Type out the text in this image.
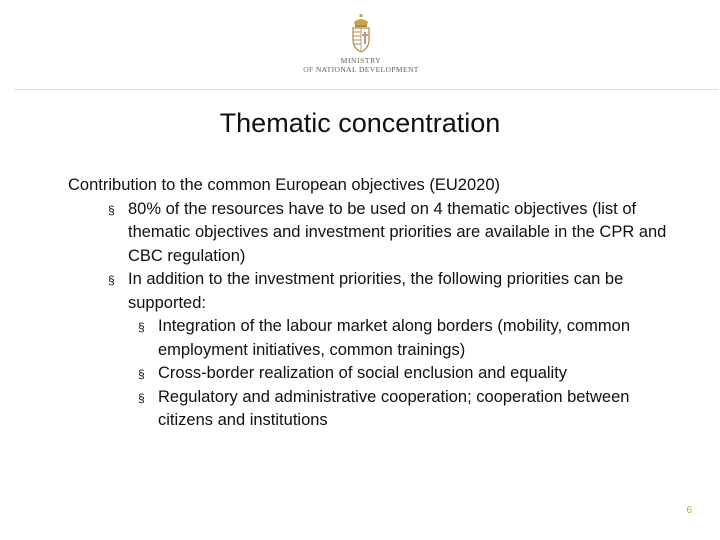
MINISTRY
OF NATIONAL DEVELOPMENT
Thematic concentration

Contribution to the common European objectives (EU2020)

§ 80% of the resources have to be used on 4 thematic objectives (list of thematic objectives and investment priorities are available in the CPR and CBC regulation)
§ In addition to the investment priorities, the following priorities can be supported:
§ Integration of the labour market along borders (mobility, common employment initiatives, common trainings)
§ Cross-border realization of social enclusion and equality
§ Regulatory and administrative cooperation; cooperation between citizens and institutions
6
